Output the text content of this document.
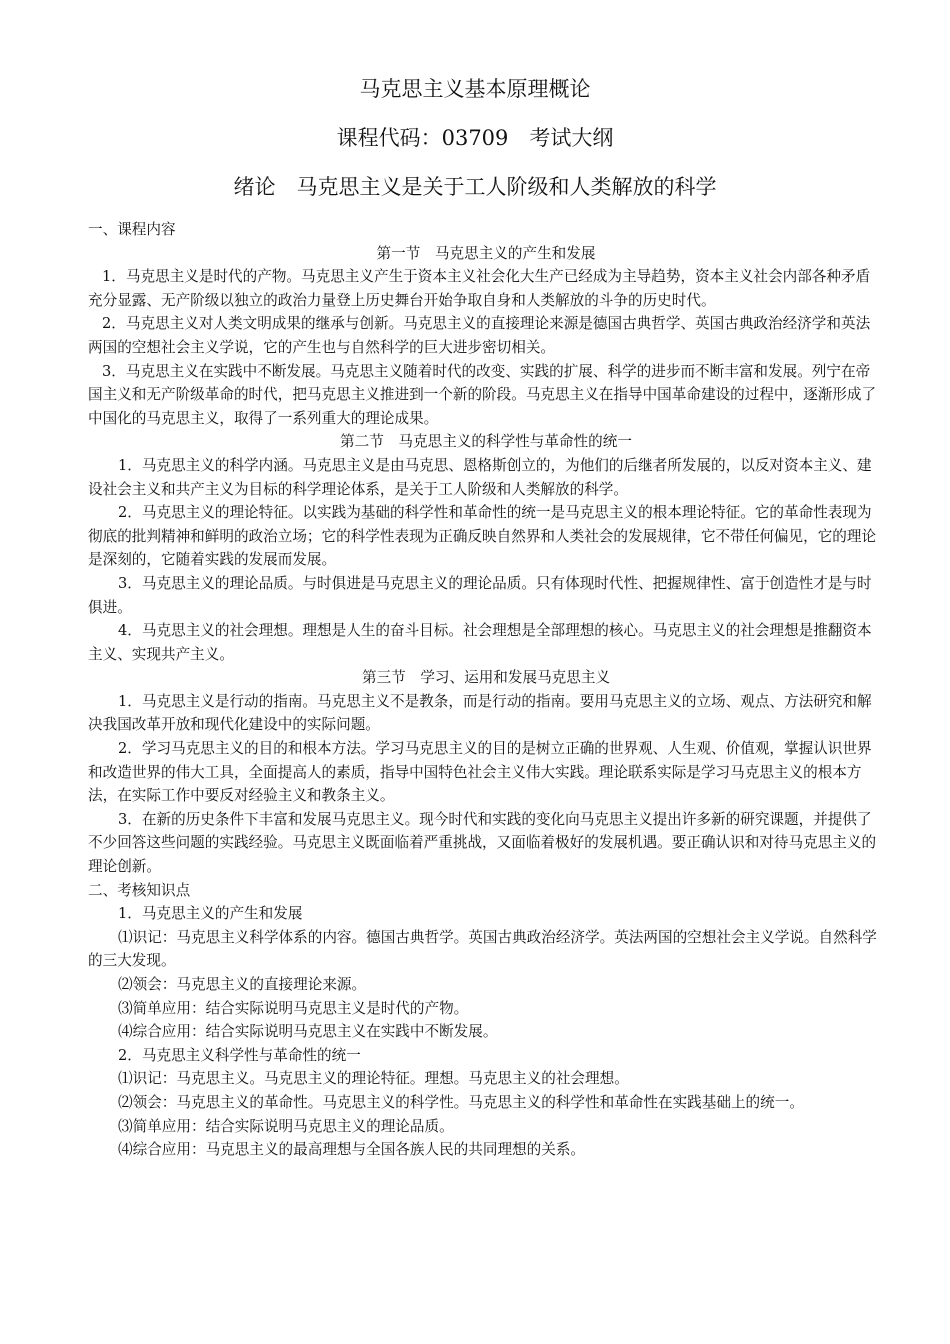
马克思主义基本原理概论
课程代码：03709　考试大纲
绪论　马克思主义是关于工人阶级和人类解放的科学

一、课程内容

第一节　马克思主义的产生和发展

1．马克思主义是时代的产物。马克思主义产生于资本主义社会化大生产已经成为主导趋势，资本主义社会内部各种矛盾充分显露、无产阶级以独立的政治力量登上历史舞台开始争取自身和人类解放的斗争的历史时代。

2．马克思主义对人类文明成果的继承与创新。马克思主义的直接理论来源是德国古典哲学、英国古典政治经济学和英法两国的空想社会主义学说，它的产生也与自然科学的巨大进步密切相关。

3．马克思主义在实践中不断发展。马克思主义随着时代的改变、实践的扩展、科学的进步而不断丰富和发展。列宁在帝国主义和无产阶级革命的时代，把马克思主义推进到一个新的阶段。马克思主义在指导中国革命建设的过程中，逐渐形成了中国化的马克思主义，取得了一系列重大的理论成果。

第二节　马克思主义的科学性与革命性的统一

1．马克思主义的科学内涵。马克思主义是由马克思、恩格斯创立的，为他们的后继者所发展的，以反对资本主义、建设社会主义和共产主义为目标的科学理论体系，是关于工人阶级和人类解放的科学。

2．马克思主义的理论特征。以实践为基础的科学性和革命性的统一是马克思主义的根本理论特征。它的革命性表现为彻底的批判精神和鲜明的政治立场；它的科学性表现为正确反映自然界和人类社会的发展规律，它不带任何偏见，它的理论是深刻的，它随着实践的发展而发展。

3．马克思主义的理论品质。与时俱进是马克思主义的理论品质。只有体现时代性、把握规律性、富于创造性才是与时俱进。

4．马克思主义的社会理想。理想是人生的奋斗目标。社会理想是全部理想的核心。马克思主义的社会理想是推翻资本主义、实现共产主义。

第三节　学习、运用和发展马克思主义

1．马克思主义是行动的指南。马克思主义不是教条，而是行动的指南。要用马克思主义的立场、观点、方法研究和解决我国改革开放和现代化建设中的实际问题。

2．学习马克思主义的目的和根本方法。学习马克思主义的目的是树立正确的世界观、人生观、价值观，掌握认识世界和改造世界的伟大工具，全面提高人的素质，指导中国特色社会主义伟大实践。理论联系实际是学习马克思主义的根本方法，在实际工作中要反对经验主义和教条主义。

3．在新的历史条件下丰富和发展马克思主义。现今时代和实践的变化向马克思主义提出许多新的研究课题，并提供了不少回答这些问题的实践经验。马克思主义既面临着严重挑战，又面临着极好的发展机遇。要正确认识和对待马克思主义的理论创新。

二、考核知识点

1．马克思主义的产生和发展

⑴识记：马克思主义科学体系的内容。德国古典哲学。英国古典政治经济学。英法两国的空想社会主义学说。自然科学的三大发现。

⑵领会：马克思主义的直接理论来源。

⑶简单应用：结合实际说明马克思主义是时代的产物。

⑷综合应用：结合实际说明马克思主义在实践中不断发展。

2．马克思主义科学性与革命性的统一

⑴识记：马克思主义。马克思主义的理论特征。理想。马克思主义的社会理想。

⑵领会：马克思主义的革命性。马克思主义的科学性。马克思主义的科学性和革命性在实践基础上的统一。

⑶简单应用：结合实际说明马克思主义的理论品质。

⑷综合应用：马克思主义的最高理想与全国各族人民的共同理想的关系。
